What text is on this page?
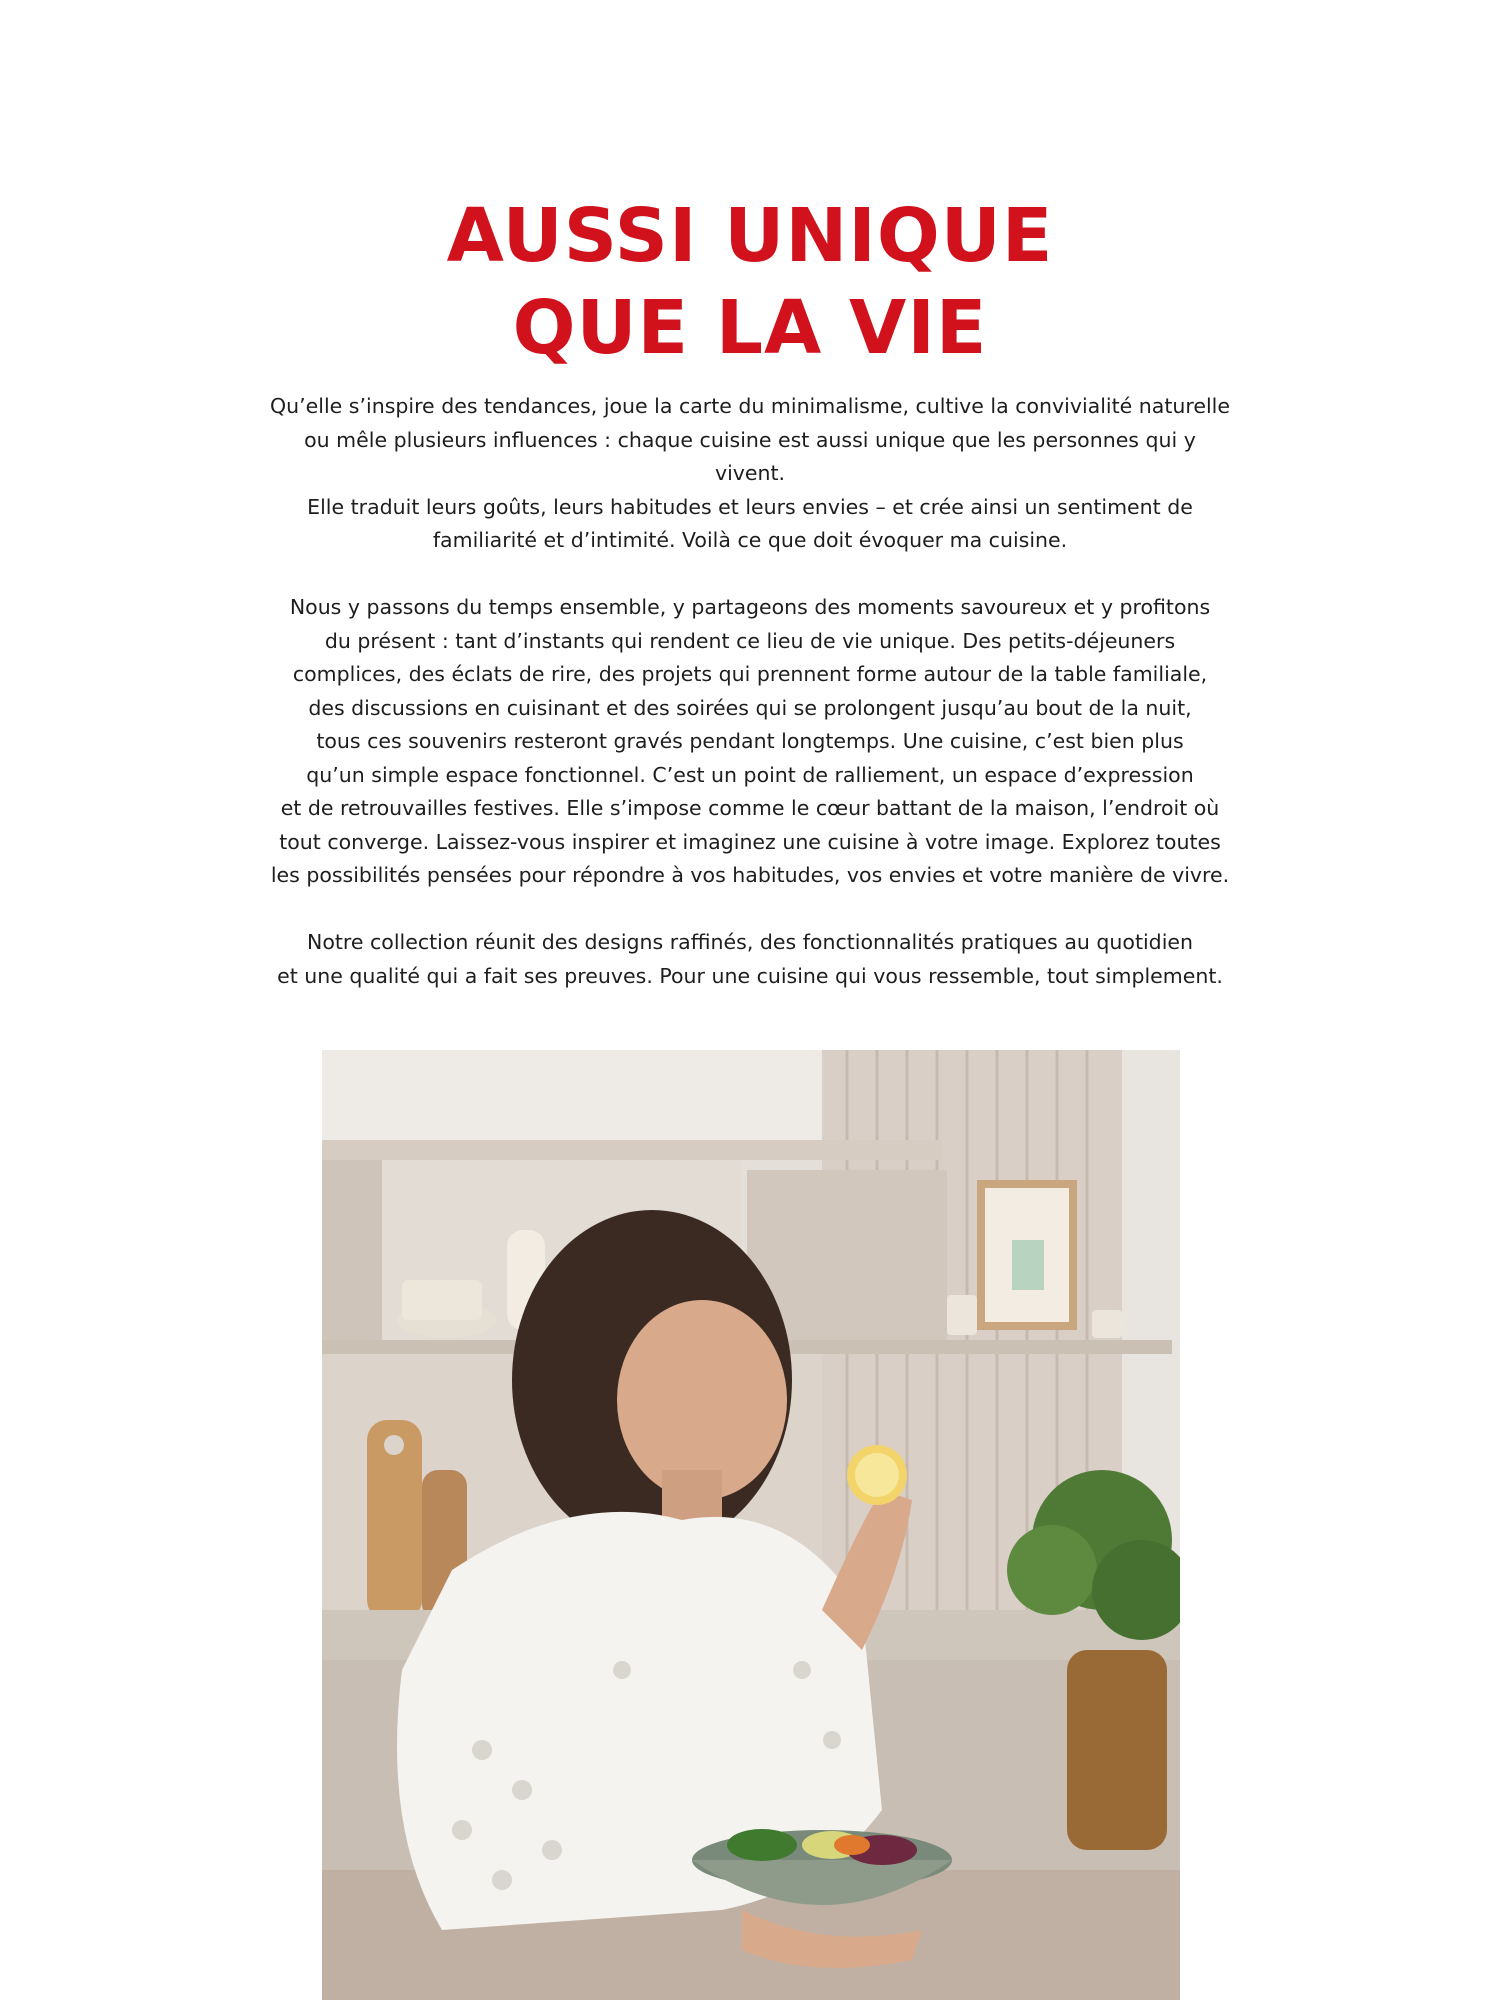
AUSSI UNIQUE
QUE LA VIE

Qu’elle s’inspire des tendances, joue la carte du minimalisme, cultive la convivialité naturelle
ou mêle plusieurs influences : chaque cuisine est aussi unique que les personnes qui y vivent.
Elle traduit leurs goûts, leurs habitudes et leurs envies – et crée ainsi un sentiment de
familiarité et d’intimité. Voilà ce que doit évoquer ma cuisine.

Nous y passons du temps ensemble, y partageons des moments savoureux et y profitons
du présent : tant d’instants qui rendent ce lieu de vie unique. Des petits-déjeuners
complices, des éclats de rire, des projets qui prennent forme autour de la table familiale,
des discussions en cuisinant et des soirées qui se prolongent jusqu’au bout de la nuit,
tous ces souvenirs resteront gravés pendant longtemps. Une cuisine, c’est bien plus
qu’un simple espace fonctionnel. C’est un point de ralliement, un espace d’expression
et de retrouvailles festives. Elle s’impose comme le cœur battant de la maison, l’endroit où
tout converge. Laissez-vous inspirer et imaginez une cuisine à votre image. Explorez toutes
les possibilités pensées pour répondre à vos habitudes, vos envies et votre manière de vivre.

Notre collection réunit des designs raffinés, des fonctionnalités pratiques au quotidien
et une qualité qui a fait ses preuves. Pour une cuisine qui vous ressemble, tout simplement.
